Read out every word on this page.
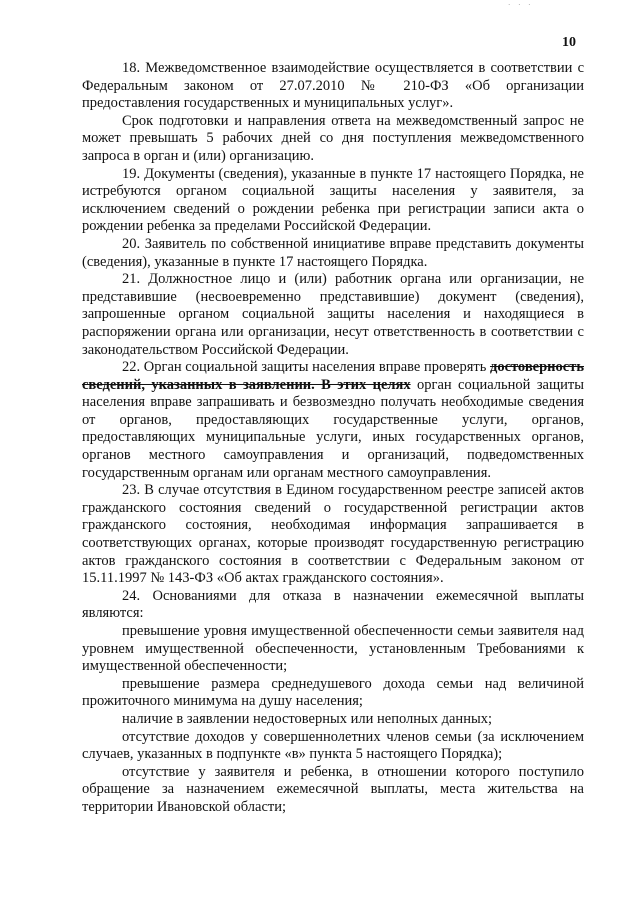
· · ·
10

18. Межведомственное взаимодействие осуществляется в соответствии с Федеральным законом от 27.07.2010 № 210-ФЗ «Об организации предоставления государственных и муниципальных услуг».

Срок подготовки и направления ответа на межведомственный запрос не может превышать 5 рабочих дней со дня поступления межведомственного запроса в орган и (или) организацию.

19. Документы (сведения), указанные в пункте 17 настоящего Порядка, не истребуются органом социальной защиты населения у заявителя, за исключением сведений о рождении ребенка при регистрации записи акта о рождении ребенка за пределами Российской Федерации.

20. Заявитель по собственной инициативе вправе представить документы (сведения), указанные в пункте 17 настоящего Порядка.

21. Должностное лицо и (или) работник органа или организации, не представившие (несвоевременно представившие) документ (сведения), запрошенные органом социальной защиты населения и находящиеся в распоряжении органа или организации, несут ответственность в соответствии с законодательством Российской Федерации.

22. Орган социальной защиты населения вправе проверять достоверность сведений, указанных в заявлении. В этих целях орган социальной защиты населения вправе запрашивать и безвозмездно получать необходимые сведения от органов, предоставляющих государственные услуги, органов, предоставляющих муниципальные услуги, иных государственных органов, органов местного самоуправления и организаций, подведомственных государственным органам или органам местного самоуправления.

23. В случае отсутствия в Едином государственном реестре записей актов гражданского состояния сведений о государственной регистрации актов гражданского состояния, необходимая информация запрашивается в соответствующих органах, которые производят государственную регистрацию актов гражданского состояния в соответствии с Федеральным законом от 15.11.1997 № 143-ФЗ «Об актах гражданского состояния».

24. Основаниями для отказа в назначении ежемесячной выплаты являются:

превышение уровня имущественной обеспеченности семьи заявителя над уровнем имущественной обеспеченности, установленным Требованиями к имущественной обеспеченности;

превышение размера среднедушевого дохода семьи над величиной прожиточного минимума на душу населения;

наличие в заявлении недостоверных или неполных данных;

отсутствие доходов у совершеннолетних членов семьи (за исключением случаев, указанных в подпункте «в» пункта 5 настоящего Порядка);

отсутствие у заявителя и ребенка, в отношении которого поступило обращение за назначением ежемесячной выплаты, места жительства на территории Ивановской области;
